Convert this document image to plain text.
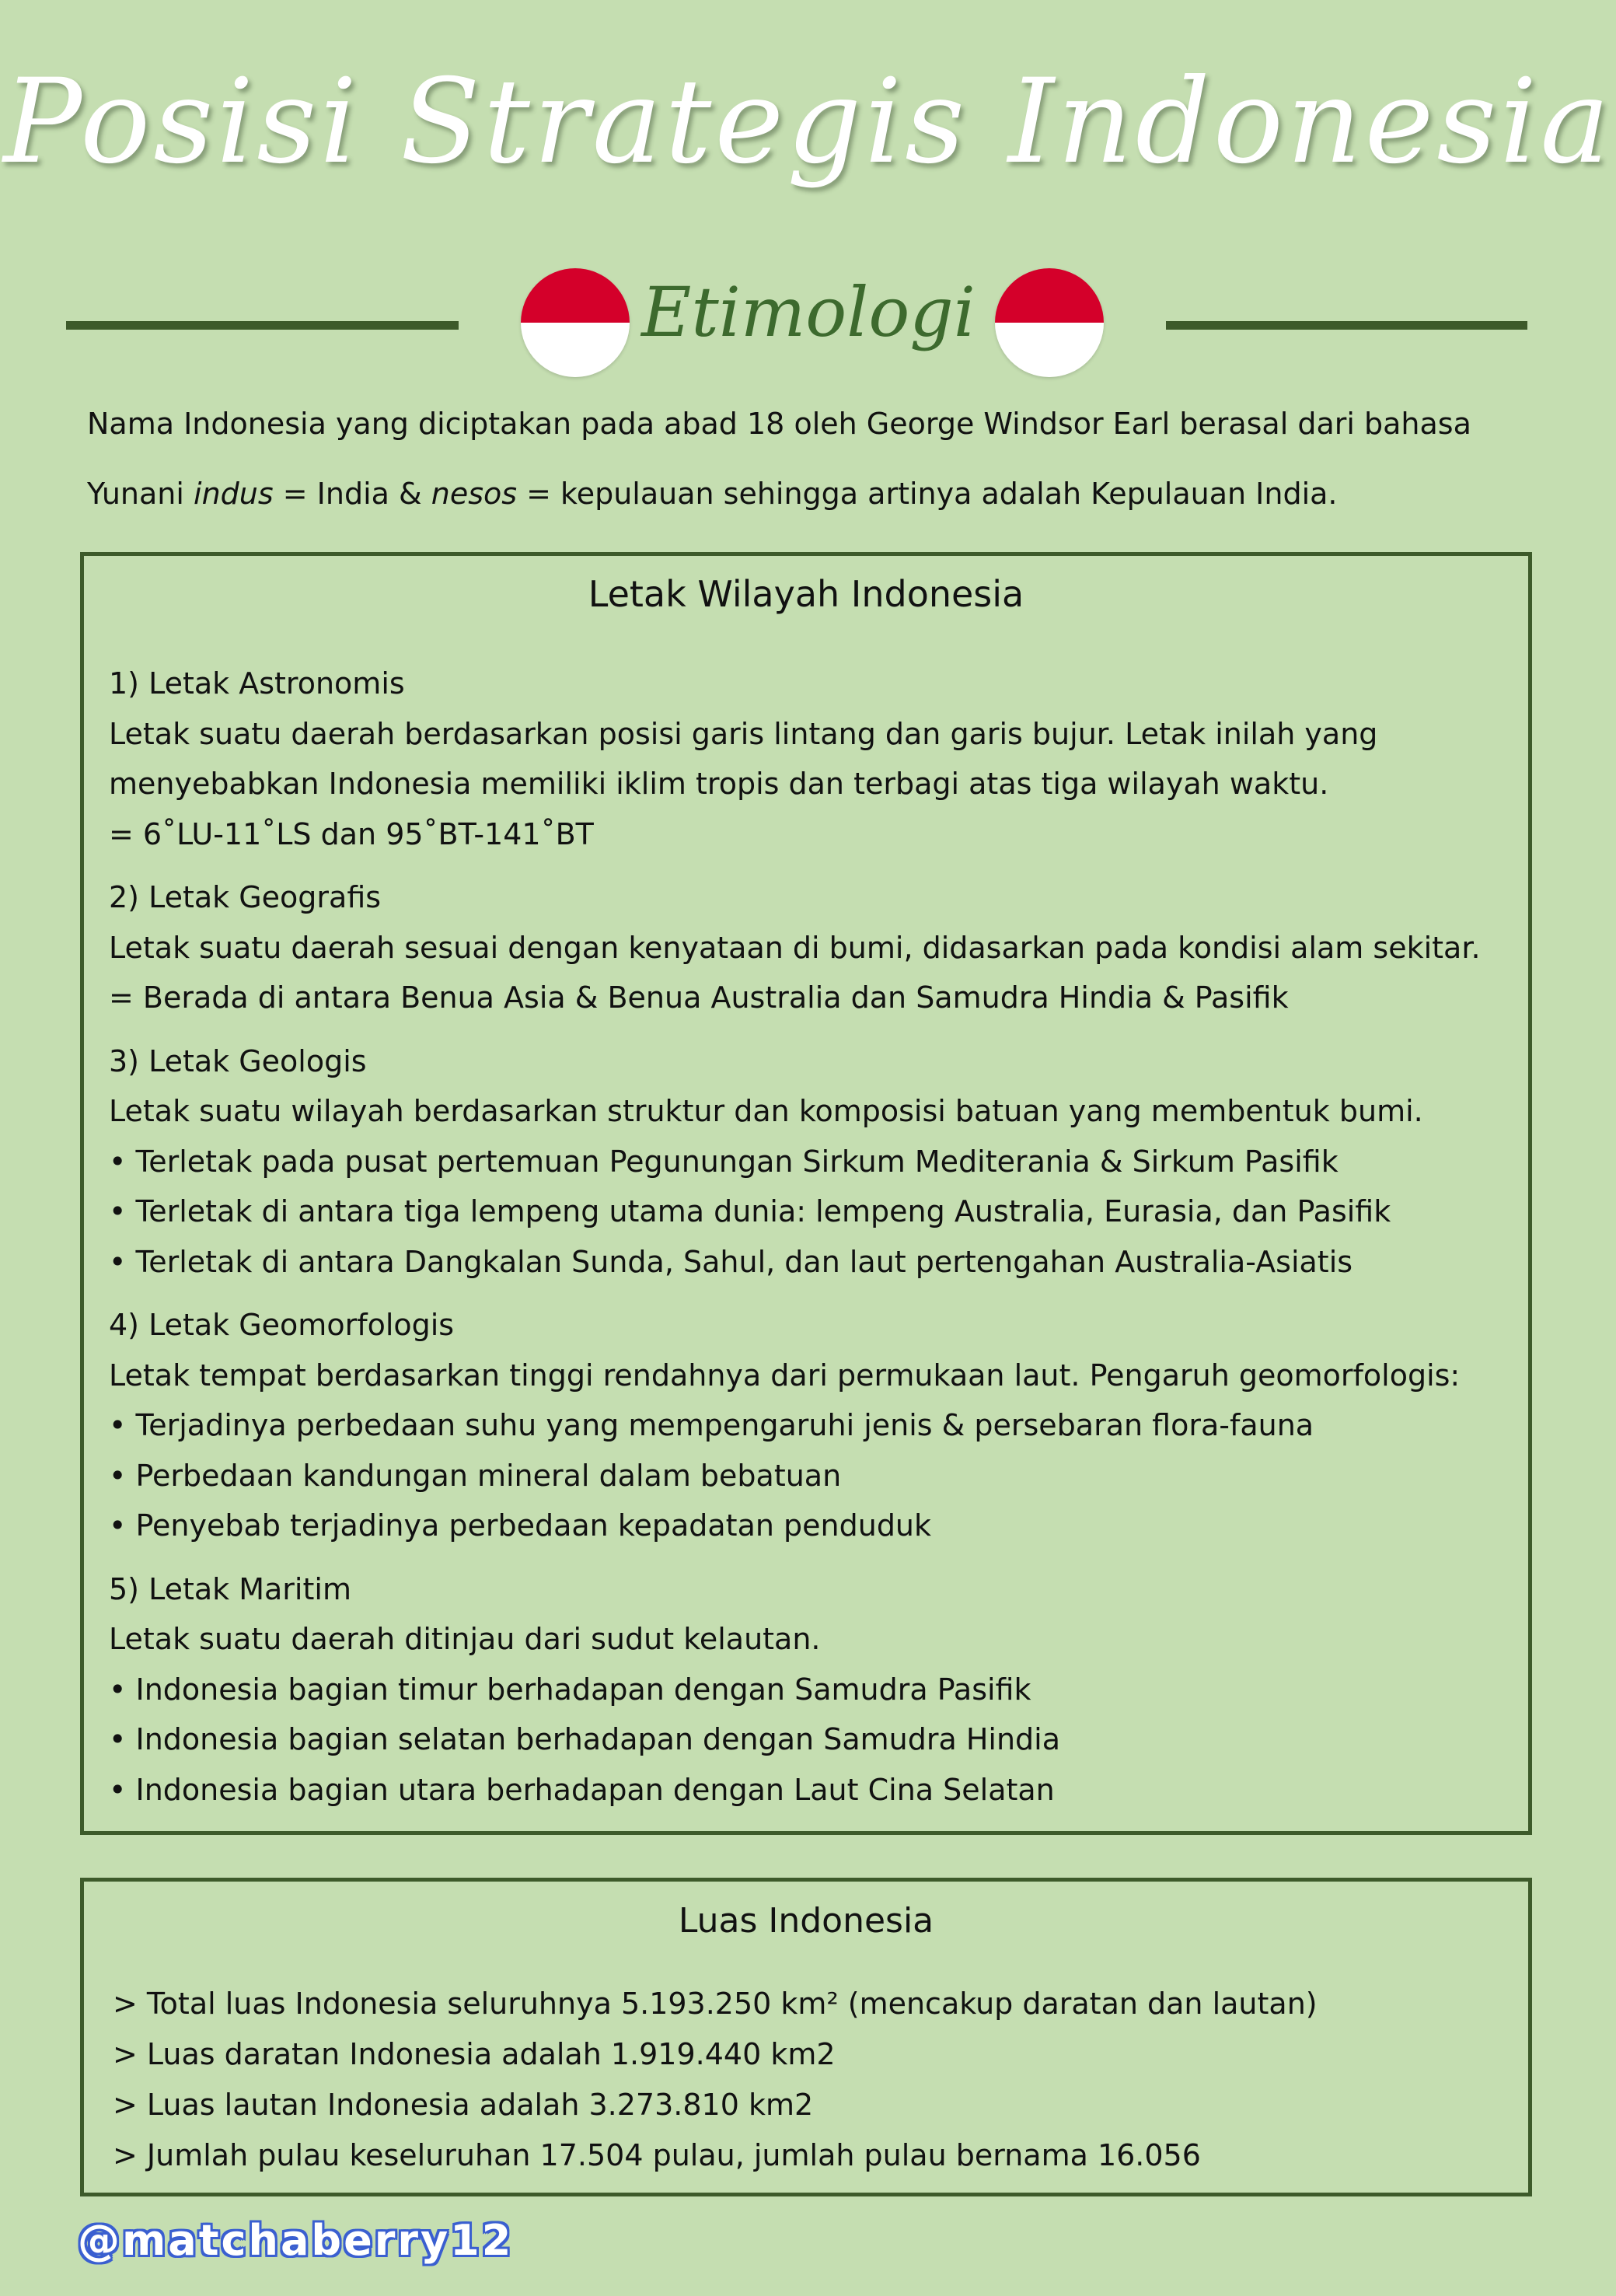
Posisi Strategis Indonesia
Etimologi

Nama Indonesia yang diciptakan pada abad 18 oleh George Windsor Earl berasal dari bahasa

Yunani indus = India & nesos = kepulauan sehingga artinya adalah Kepulauan India.

Letak Wilayah Indonesia
1) Letak Astronomis
Letak suatu daerah berdasarkan posisi garis lintang dan garis bujur. Letak inilah yang
menyebabkan Indonesia memiliki iklim tropis dan terbagi atas tiga wilayah waktu.
= 6˚LU-11˚LS dan 95˚BT-141˚BT
2) Letak Geografis
Letak suatu daerah sesuai dengan kenyataan di bumi, didasarkan pada kondisi alam sekitar.
= Berada di antara Benua Asia & Benua Australia dan Samudra Hindia & Pasifik
3) Letak Geologis
Letak suatu wilayah berdasarkan struktur dan komposisi batuan yang membentuk bumi.
• Terletak pada pusat pertemuan Pegunungan Sirkum Mediterania & Sirkum Pasifik
• Terletak di antara tiga lempeng utama dunia: lempeng Australia, Eurasia, dan Pasifik
• Terletak di antara Dangkalan Sunda, Sahul, dan laut pertengahan Australia-Asiatis
4) Letak Geomorfologis
Letak tempat berdasarkan tinggi rendahnya dari permukaan laut. Pengaruh geomorfologis:
• Terjadinya perbedaan suhu yang mempengaruhi jenis & persebaran flora-fauna
• Perbedaan kandungan mineral dalam bebatuan
• Penyebab terjadinya perbedaan kepadatan penduduk
5) Letak Maritim
Letak suatu daerah ditinjau dari sudut kelautan.
• Indonesia bagian timur berhadapan dengan Samudra Pasifik
• Indonesia bagian selatan berhadapan dengan Samudra Hindia
• Indonesia bagian utara berhadapan dengan Laut Cina Selatan
Luas Indonesia
> Total luas Indonesia seluruhnya 5.193.250 km² (mencakup daratan dan lautan)
> Luas daratan Indonesia adalah 1.919.440 km2
> Luas lautan Indonesia adalah 3.273.810 km2
> Jumlah pulau keseluruhan 17.504 pulau, jumlah pulau bernama 16.056
@matchaberry12
